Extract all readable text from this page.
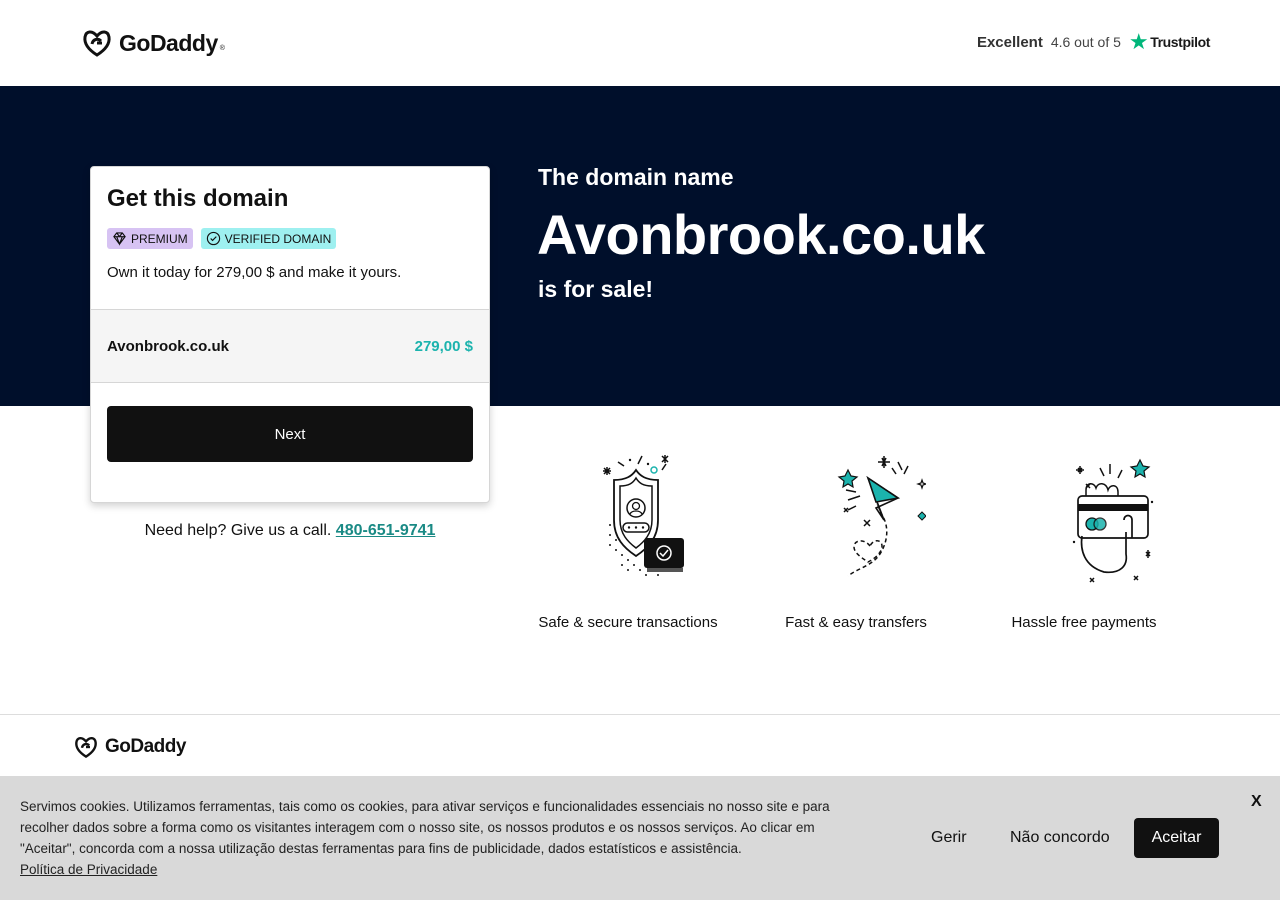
GoDaddy ®	Excellent 4.6 out of 5 ★ Trustpilot
The domain name
Avonbrook.co.uk
is for sale!
Get this domain
PREMIUM	VERIFIED DOMAIN

Own it today for 279,00 $ and make it yours.

Avonbrook.co.uk	279,00 $
Next
Need help? Give us a call. 480-651-9741
Safe & secure transactions	Fast & easy transfers	Hassle free payments
GoDaddy
Servimos cookies. Utilizamos ferramentas, tais como os cookies, para ativar serviços e funcionalidades essenciais no nosso site e para recolher dados sobre a forma como os visitantes interagem com o nosso site, os nossos produtos e os nossos serviços. Ao clicar em "Aceitar", concorda com a nossa utilização destas ferramentas para fins de publicidade, dados estatísticos e assistência.
Política de Privacidade
Gerir	Não concordo	Aceitar
X
